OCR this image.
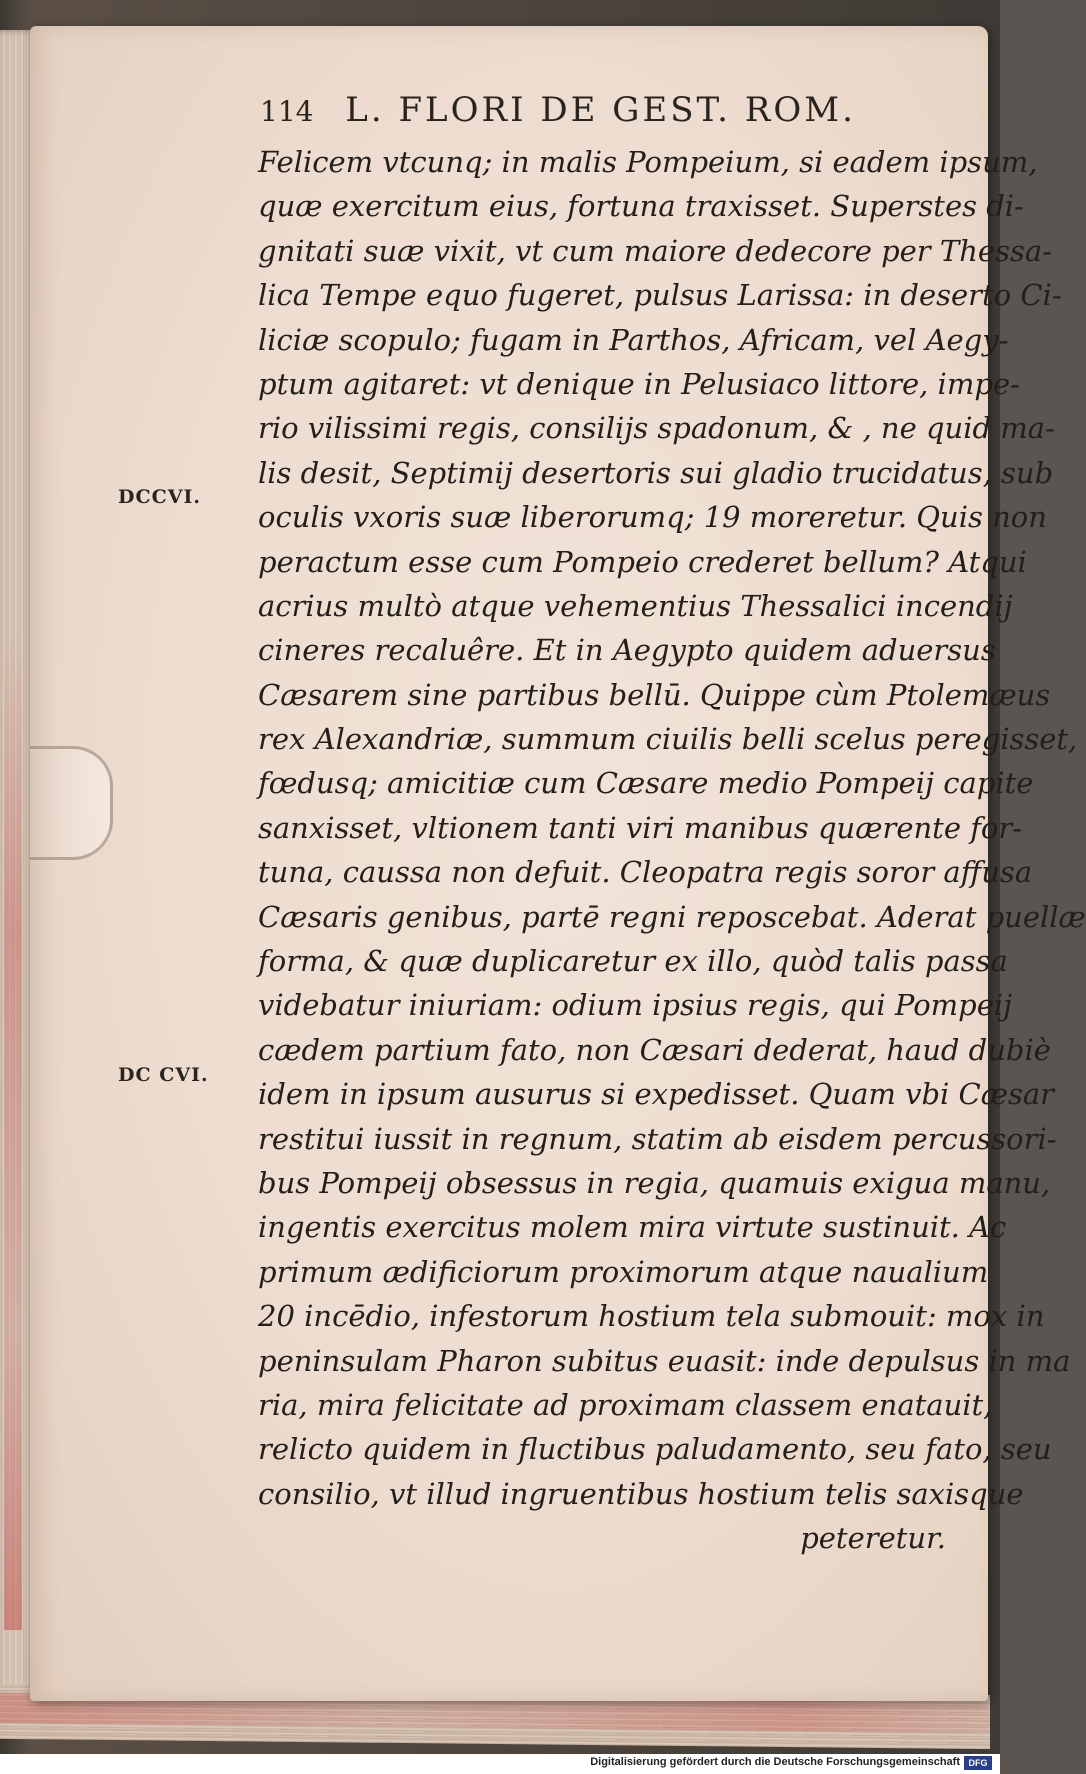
114 L. FLORI DE GEST. ROM.
DCCVI.
DC CVI.
Felicem vtcunq; in malis Pompeium, si eadem ipsum,
quæ exercitum eius, fortuna traxisset. Superstes di-
gnitati suæ vixit, vt cum maiore dedecore per Thessa-
lica Tempe equo fugeret, pulsus Larissa: in deserto Ci-
liciæ scopulo; fugam in Parthos, Africam, vel Aegy-
ptum agitaret: vt denique in Pelusiaco littore, impe-
rio vilissimi regis, consilijs spadonum, & , ne quid ma-
lis desit, Septimij desertoris sui gladio trucidatus, sub
oculis vxoris suæ liberorumq; 19 moreretur. Quis non
peractum esse cum Pompeio crederet bellum? Atqui
acrius multò atque vehementius Thessalici incendij
cineres recaluêre. Et in Aegypto quidem aduersus
Cæsarem sine partibus bellū. Quippe cùm Ptolemæus
rex Alexandriæ, summum ciuilis belli scelus peregisset,
fœdusq; amicitiæ cum Cæsare medio Pompeij capite
sanxisset, vltionem tanti viri manibus quærente for-
tuna, caussa non defuit. Cleopatra regis soror affusa
Cæsaris genibus, partē regni reposcebat. Aderat puellæ
forma, & quæ duplicaretur ex illo, quòd talis passa
videbatur iniuriam: odium ipsius regis, qui Pompeij
cædem partium fato, non Cæsari dederat, haud dubiè
idem in ipsum ausurus si expedisset. Quam vbi Cæsar
restitui iussit in regnum, statim ab eisdem percussori-
bus Pompeij obsessus in regia, quamuis exigua manu,
ingentis exercitus molem mira virtute sustinuit. Ac
primum ædificiorum proximorum atque naualium
20 incēdio, infestorum hostium tela submouit: mox in
peninsulam Pharon subitus euasit: inde depulsus in ma
ria, mira felicitate ad proximam classem enatauit,
relicto quidem in fluctibus paludamento, seu fato, seu
consilio, vt illud ingruentibus hostium telis saxisque
peteretur.
Digitalisierung gefördert durch die Deutsche Forschungsgemeinschaft DFG
